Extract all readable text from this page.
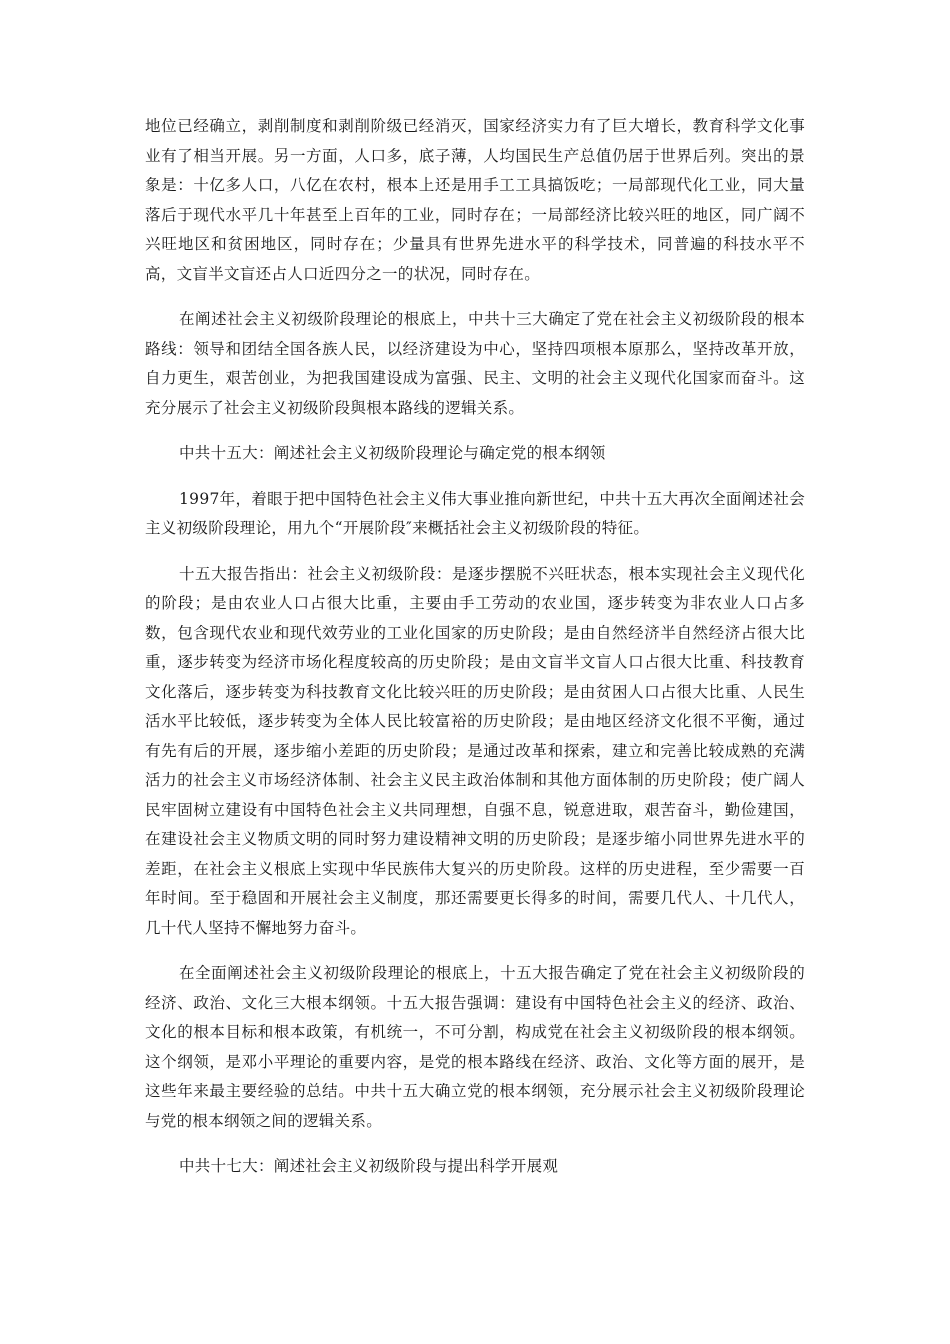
地位已经确立，剥削制度和剥削阶级已经消灭，国家经济实力有了巨大增长，教育科学文化事业有了相当开展。另一方面，人口多，底子薄，人均国民生产总值仍居于世界后列。突出的景象是：十亿多人口，八亿在农村，根本上还是用手工工具搞饭吃；一局部现代化工业，同大量落后于现代水平几十年甚至上百年的工业，同时存在；一局部经济比较兴旺的地区，同广阔不兴旺地区和贫困地区，同时存在；少量具有世界先进水平的科学技术，同普遍的科技水平不高，文盲半文盲还占人口近四分之一的状况，同时存在。

在阐述社会主义初级阶段理论的根底上，中共十三大确定了党在社会主义初级阶段的根本路线：领导和团结全国各族人民，以经济建设为中心，坚持四项根本原那么，坚持改革开放，自力更生，艰苦创业，为把我国建设成为富强、民主、文明的社会主义现代化国家而奋斗。这充分展示了社会主义初级阶段與根本路线的逻辑关系。

中共十五大：阐述社会主义初级阶段理论与确定党的根本纲领

1997年，着眼于把中国特色社会主义伟大事业推向新世纪，中共十五大再次全面阐述社会主义初级阶段理论，用九个“开展阶段″来概括社会主义初级阶段的特征。

十五大报告指出：社会主义初级阶段：是逐步摆脱不兴旺状态，根本实现社会主义现代化的阶段；是由农业人口占很大比重，主要由手工劳动的农业国，逐步转变为非农业人口占多数，包含现代农业和现代效劳业的工业化国家的历史阶段；是由自然经济半自然经济占很大比重，逐步转变为经济市场化程度较高的历史阶段；是由文盲半文盲人口占很大比重、科技教育文化落后，逐步转变为科技教育文化比较兴旺的历史阶段；是由贫困人口占很大比重、人民生活水平比较低，逐步转变为全体人民比较富裕的历史阶段；是由地区经济文化很不平衡，通过有先有后的开展，逐步缩小差距的历史阶段；是通过改革和探索，建立和完善比较成熟的充满活力的社会主义市场经济体制、社会主义民主政治体制和其他方面体制的历史阶段；使广阔人民牢固树立建设有中国特色社会主义共同理想，自强不息，锐意进取，艰苦奋斗，勤俭建国，在建设社会主义物质文明的同时努力建设精神文明的历史阶段；是逐步缩小同世界先进水平的差距，在社会主义根底上实现中华民族伟大复兴的历史阶段。这样的历史进程，至少需要一百年时间。至于稳固和开展社会主义制度，那还需要更长得多的时间，需要几代人、十几代人，几十代人坚持不懈地努力奋斗。

在全面阐述社会主义初级阶段理论的根底上，十五大报告确定了党在社会主义初级阶段的经济、政治、文化三大根本纲领。十五大报告强调：建设有中国特色社会主义的经济、政治、文化的根本目标和根本政策，有机统一，不可分割，构成党在社会主义初级阶段的根本纲领。这个纲领，是邓小平理论的重要内容，是党的根本路线在经济、政治、文化等方面的展开，是这些年来最主要经验的总结。中共十五大确立党的根本纲领，充分展示社会主义初级阶段理论与党的根本纲领之间的逻辑关系。

中共十七大：阐述社会主义初级阶段与提出科学开展观
